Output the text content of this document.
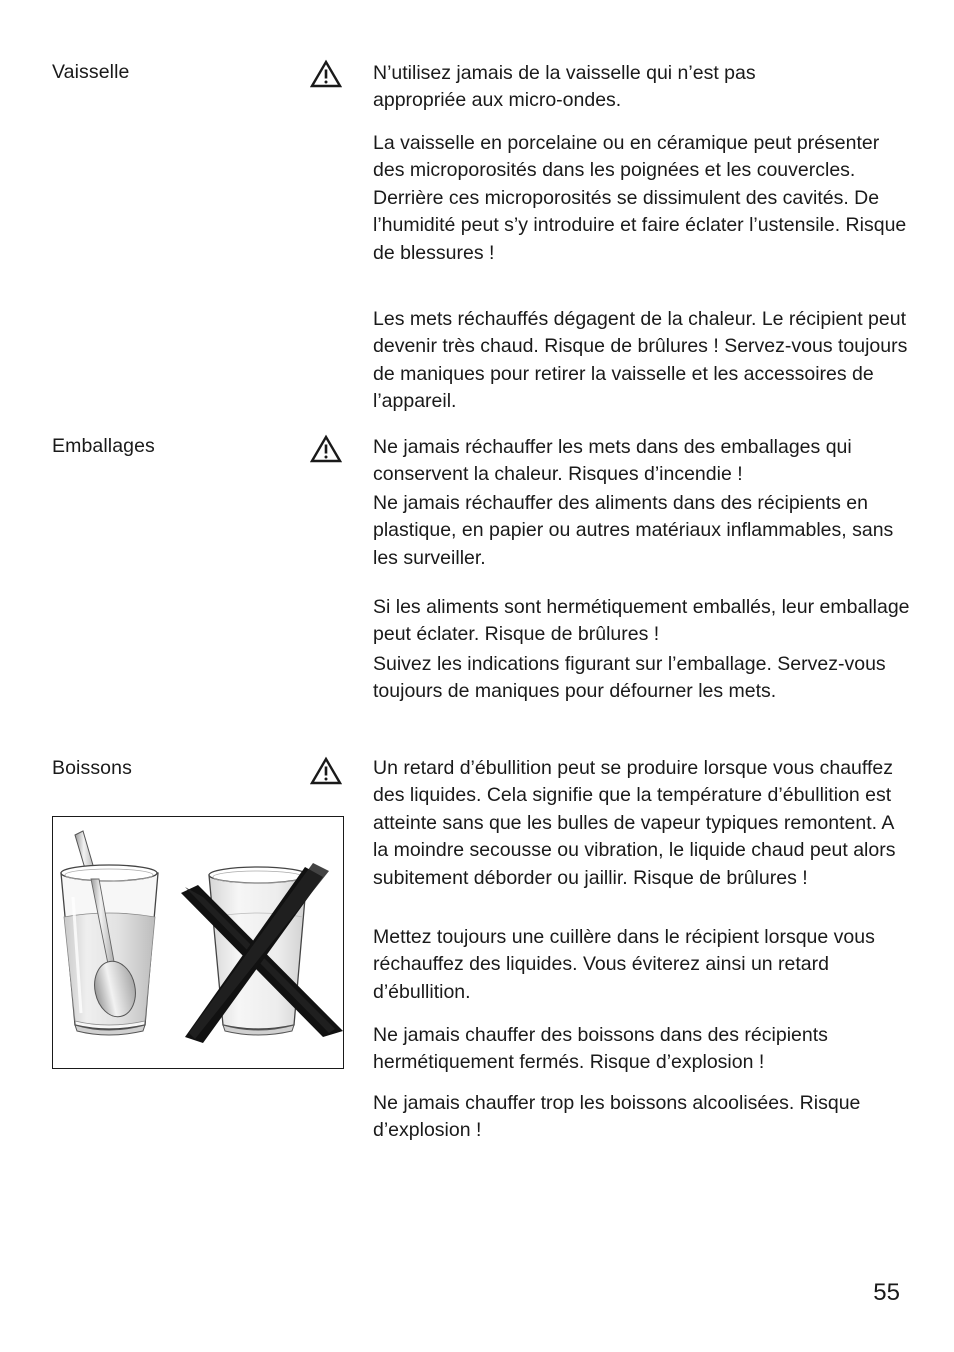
Vaisselle	N’utilisez jamais de la vaisselle qui n’est pas appropriée aux micro-ondes.

La vaisselle en porcelaine ou en céramique peut présenter des microporosités dans les poignées et les couvercles. Derrière ces microporosités se dissimulent des cavités. De l’humidité peut s’y introduire et faire éclater l’ustensile. Risque de blessures !

Les mets réchauffés dégagent de la chaleur. Le récipient peut devenir très chaud. Risque de brûlures ! Servez-vous toujours de maniques pour retirer la vaisselle et les accessoires de l’appareil.

Emballages	Ne jamais réchauffer les mets dans des emballages qui conservent la chaleur. Risques d’incendie !

Ne jamais réchauffer des aliments dans des récipients en plastique, en papier ou autres matériaux inflammables, sans les surveiller.

Si les aliments sont hermétiquement emballés, leur emballage peut éclater. Risque de brûlures !

Suivez les indications figurant sur l’emballage. Servez-vous toujours de maniques pour défourner les mets.

Boissons	Un retard d’ébullition peut se produire lorsque vous chauffez des liquides. Cela signifie que la température d’ébullition est atteinte sans que les bulles de vapeur typiques remontent. A la moindre secousse ou vibration, le liquide chaud peut alors subitement déborder ou jaillir. Risque de brûlures !

Mettez toujours une cuillère dans le récipient lorsque vous réchauffez des liquides. Vous éviterez ainsi un retard d’ébullition.

Ne jamais chauffer des boissons dans des récipients hermétiquement fermés. Risque d’explosion !

Ne jamais chauffer trop les boissons alcoolisées. Risque d’explosion !

55
